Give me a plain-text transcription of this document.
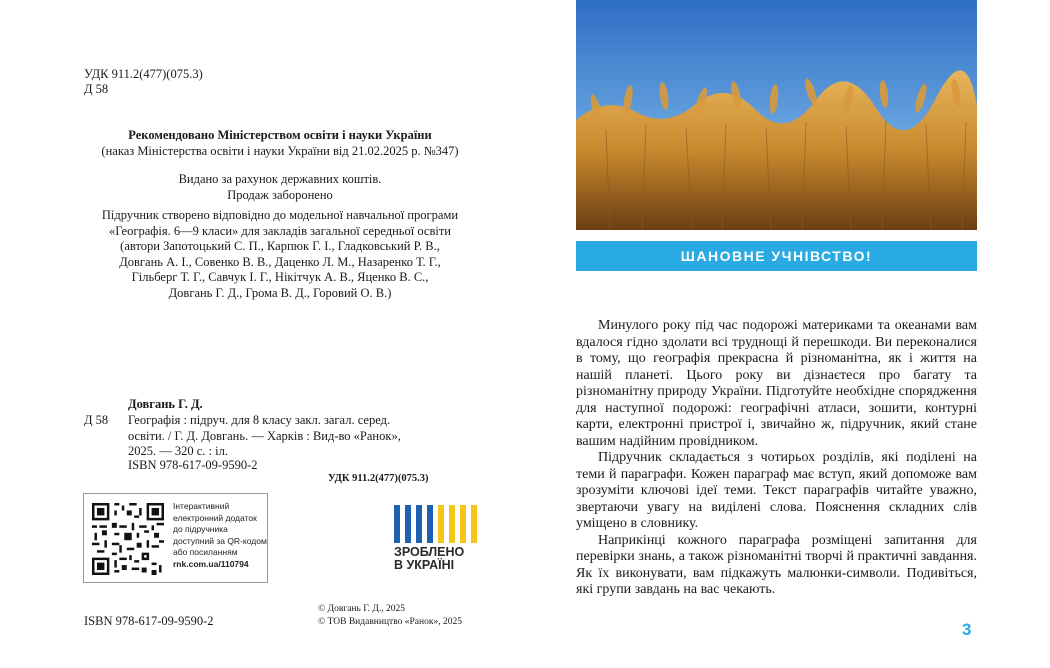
УДК 911.2(477)(075.3)
Д 58
Рекомендовано Міністерством освіти і науки України
(наказ Міністерства освіти і науки України від 21.02.2025 р. №347)
Видано за рахунок державних коштів.
Продаж заборонено
Підручник створено відповідно до модельної навчальної програми
«Географія. 6—9 класи» для закладів загальної середньої освіти
(автори Запотоцький С. П., Карпюк Г. І., Гладковський Р. В.,
Довгань А. І., Совенко В. В., Даценко Л. М., Назаренко Т. Г.,
Гільберг Т. Г., Савчук І. Г., Нікітчук А. В., Яценко В. С.,
Довгань Г. Д., Грома В. Д., Горовий О. В.)
Довгань Г. Д.
Д 58 Географія : підруч. для 8 класу закл. загал. серед.
освіти. / Г. Д. Довгань. — Харків : Вид-во «Ранок»,
2025. — 320 с. : іл.
ISBN 978-617-09-9590-2
УДК 911.2(477)(075.3)
Інтерактивний
електронний додаток
до підручника
доступний за QR-кодом
або посиланням
rnk.com.ua/110794
ЗРОБЛЕНО
В УКРАЇНІ
ISBN 978-617-09-9590-2
© Довгань Г. Д., 2025
© ТОВ Видавництво «Ранок», 2025
ШАНОВНЕ УЧНІВСТВО!

Минулого року під час подорожі материками та океанами вам вдалося гідно здолати всі труднощі й перешкоди. Ви переконалися в тому, що географія прекрасна й різноманітна, як і життя на нашій планеті. Цього року ви дізнаєтеся про багату та різноманітну природу України. Підготуйте необхідне спорядження для наступної подорожі: географічні атласи, зошити, контурні карти, електронні пристрої і, звичайно ж, підручник, який стане вашим надійним провідником.

Підручник складається з чотирьох розділів, які поділені на теми й параграфи. Кожен параграф має вступ, який допоможе вам зрозуміти ключові ідеї теми. Текст параграфів читайте уважно, звертаючи увагу на виділені слова. Пояснення складних слів уміщено в словнику.

Наприкінці кожного параграфа розміщені запитання для перевірки знань, а також різноманітні творчі й практичні завдання. Як їх виконувати, вам підкажуть малюнки-символи. Подивіться, які групи завдань на вас чекають.

3
